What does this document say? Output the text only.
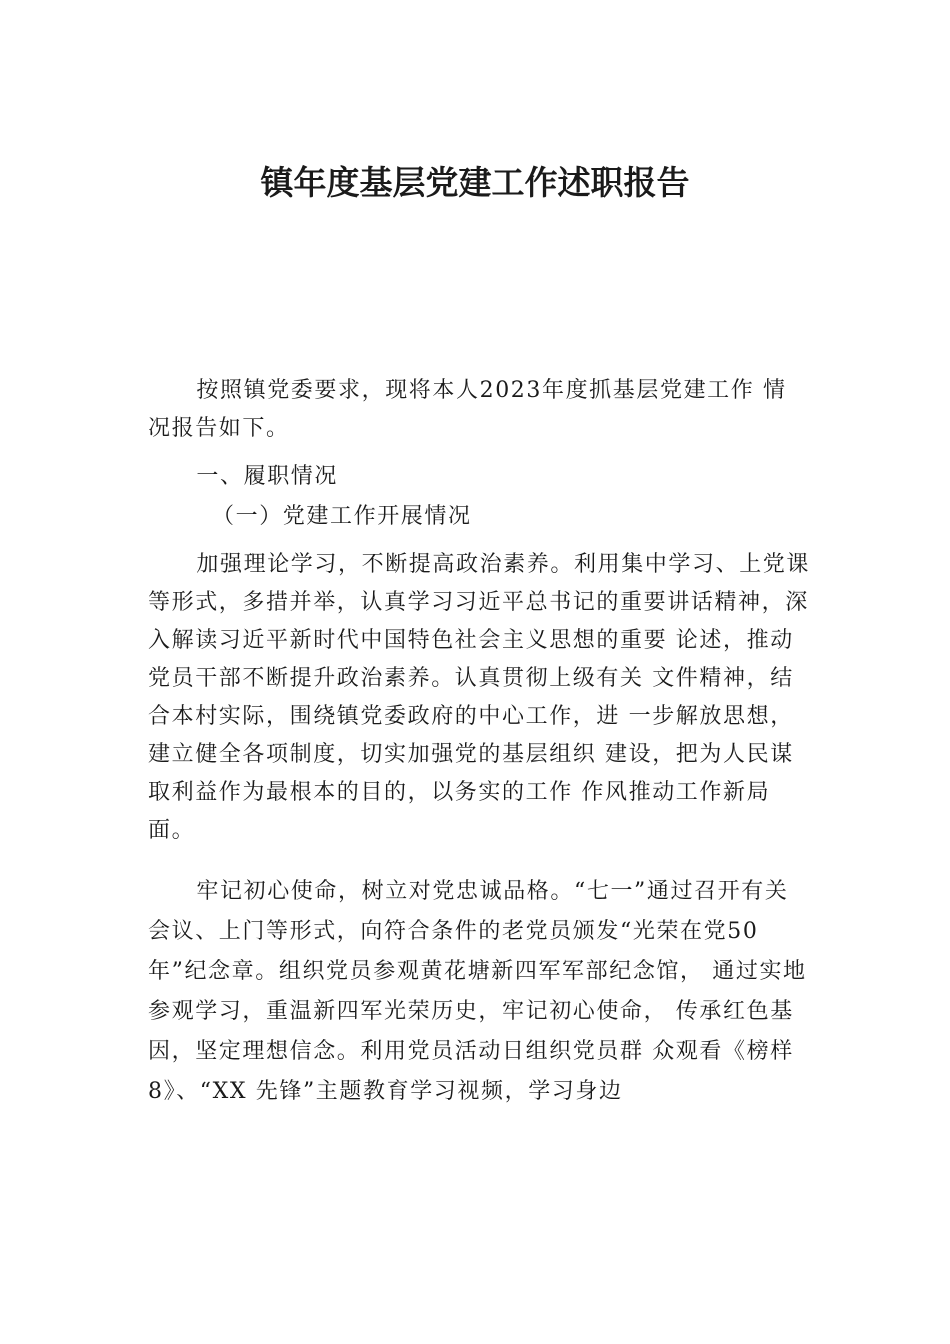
镇年度基层党建工作述职报告

按照镇党委要求，现将本人2023年度抓基层党建工作 情况报告如下。

一、履职情况

（一）党建工作开展情况

加强理论学习，不断提高政治素养。利用集中学习、上党课等形式，多措并举，认真学习习近平总书记的重要讲话精神，深入解读习近平新时代中国特色社会主义思想的重要 论述，推动党员干部不断提升政治素养。认真贯彻上级有关 文件精神，结合本村实际，围绕镇党委政府的中心工作，进 一步解放思想，建立健全各项制度，切实加强党的基层组织 建设，把为人民谋取利益作为最根本的目的，以务实的工作 作风推动工作新局面。

牢记初心使命，树立对党忠诚品格。“七一”通过召开有关会议、上门等形式，向符合条件的老党员颁发“光荣在党50年”纪念章。组织党员参观黄花塘新四军军部纪念馆， 通过实地参观学习，重温新四军光荣历史，牢记初心使命， 传承红色基因，坚定理想信念。利用党员活动日组织党员群 众观看《榜样8》、“XX 先锋”主题教育学习视频，学习身边
